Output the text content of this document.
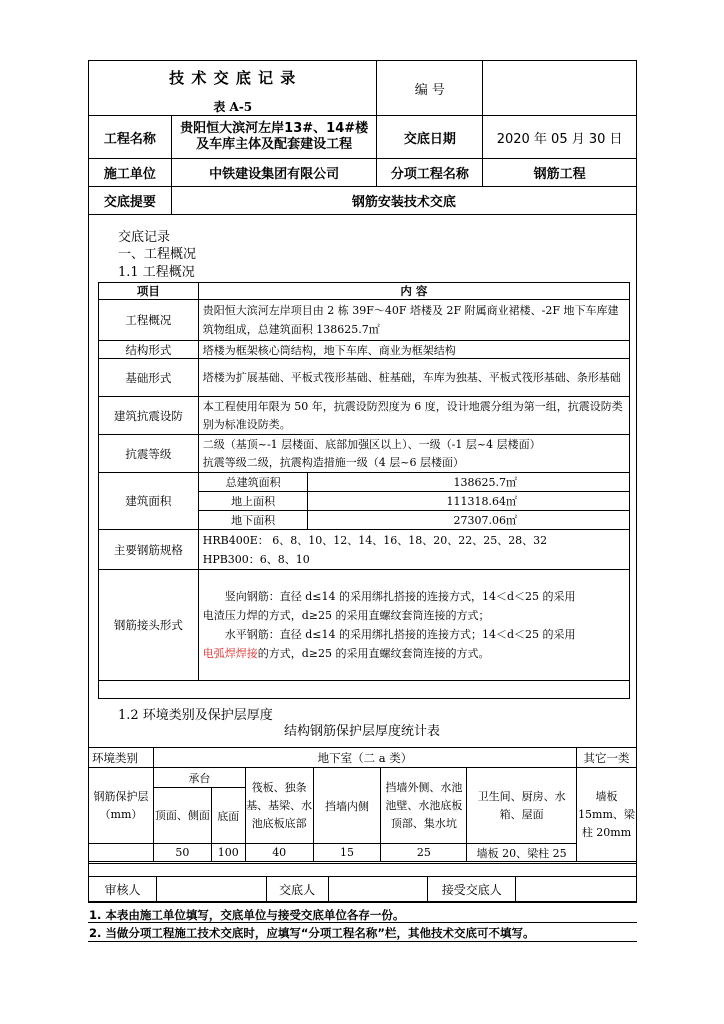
技 术 交 底 记 录
表 A-5		编 号	
工程名称	贵阳恒大滨河左岸13#、14#楼及车库主体及配套建设工程	交底日期	2020 年 05 月 30 日
施工单位	中铁建设集团有限公司	分项工程名称	钢筋工程
交底提要	钢筋安装技术交底		
交底记录
一、工程概况
1.1 工程概况
项目	内 容	
工程概况	贵阳恒大滨河左岸项目由 2 栋 39F～40F 塔楼及 2F 附属商业裙楼、-2F 地下车库建筑物组成，总建筑面积 138625.7㎡	
结构形式	塔楼为框架核心筒结构，地下车库、商业为框架结构	
基础形式	塔楼为扩展基础、平板式筏形基础、桩基础，车库为独基、平板式筏形基础、条形基础	
建筑抗震设防	本工程使用年限为 50 年，抗震设防烈度为 6 度，设计地震分组为第一组，抗震设防类别为标准设防类。	
抗震等级	二级（基顶~-1 层楼面、底部加强区以上）、一级（-1 层~4 层楼面）
抗震等级二级，抗震构造措施一级（4 层~6 层楼面）	

建筑面积	总建筑面积	138625.7㎡
	地上面积	111318.64㎡
	地下面积	27307.06㎡
主要钢筋规格	HRB400E： 6、8、10、12、14、16、18、20、22、25、28、32
HPB300：6、8、10	

钢筋接头形式	竖向钢筋：直径 d≤14 的采用绑扎搭接的连接方式，14＜d＜25 的采用
电渣压力焊的方式，d≥25 的采用直螺纹套筒连接的方式；
水平钢筋：直径 d≤14 的采用绑扎搭接的连接方式；14＜d＜25 的采用
电弧焊焊接的方式，d≥25 的采用直螺纹套筒连接的方式。	

1.2 环境类别及保护层厚度
结构钢筋保护层厚度统计表
环境类别	地下室（二 a 类）						其它一类
钢筋保护层（mm）	承台		筏板、独条基、基梁、水池底板底部	挡墙内侧	挡墙外侧、水池池壁、水池底板顶部、集水坑	卫生间、厨房、水箱、屋面	墙板 15mm、梁柱 20mm
	顶面、侧面	底面					
	50	100	40	15	25	墙板 20、梁柱 25	
审核人		交底人		接受交底人	
1. 本表由施工单位填写，交底单位与接受交底单位各存一份。
2. 当做分项工程施工技术交底时，应填写“分项工程名称”栏，其他技术交底可不填写。
